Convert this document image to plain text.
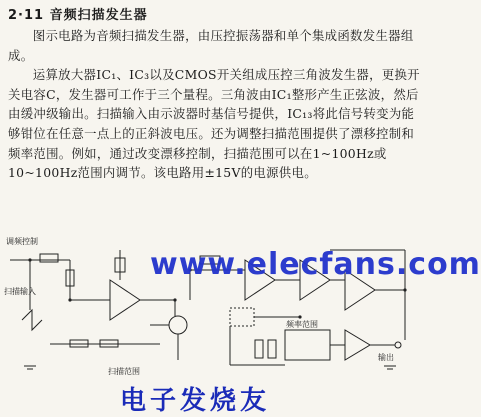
2·11 音频扫描发生器

图示电路为音频扫描发生器，由压控振荡器和单个集成函数发生器组成。

运算放大器IC₁、IC₃以及CMOS开关组成压控三角波发生器，更换开关电容C，发生器可工作于三个量程。三角波由IC₁整形产生正弦波，然后由缓冲级输出。扫描输入由示波器时基信号提供，IC₁₃将此信号转变为能够钳位在任意一点上的正斜波电压。还为调整扫描范围提供了漂移控制和频率范围。例如，通过改变漂移控制，扫描范围可以在1~100Hz或10~100Hz范围内调节。该电路用±15V的电源供电。

调频控制
扫描范围
扫描输入
频率范围
输出
www.elecfans.com
电子发烧友
